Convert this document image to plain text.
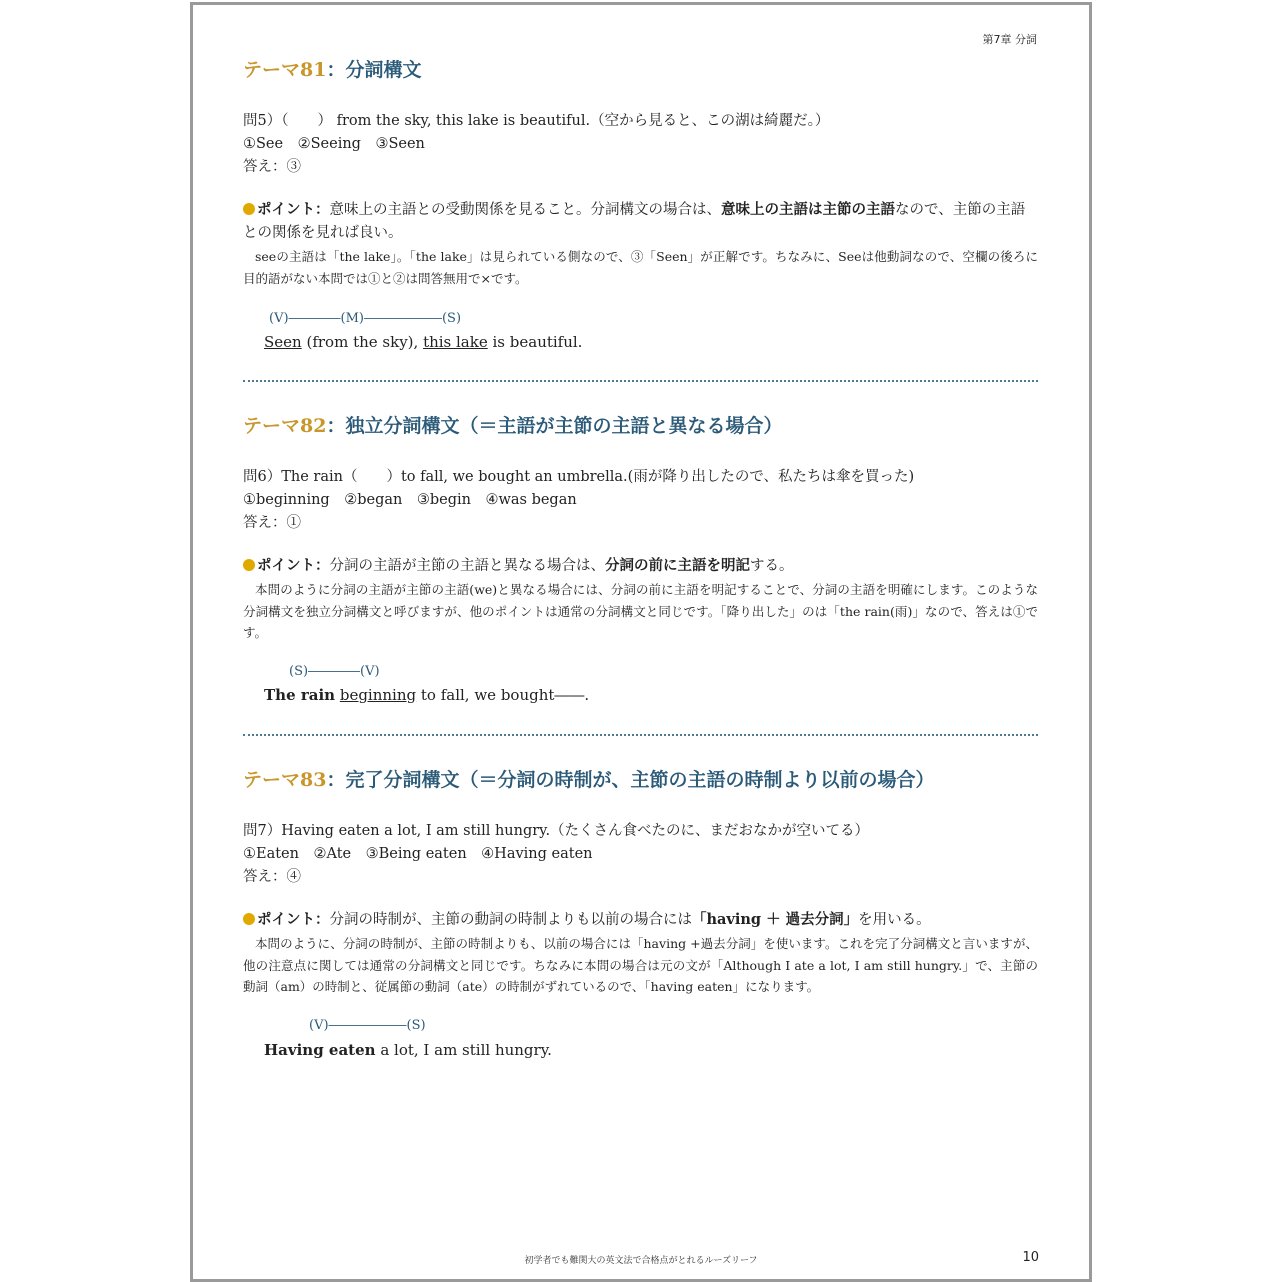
第7章 分詞
テーマ81：分詞構文
問5）（　　） from the sky, this lake is beautiful.（空から見ると、この湖は綺麗だ。）
①See　②Seeing　③Seen
答え：③
ポイント：意味上の主語との受動関係を見ること。分詞構文の場合は、意味上の主語は主節の主語なので、主節の主語との関係を見れば良い。
seeの主語は「the lake」。「the lake」は見られている側なので、③「Seen」が正解です。ちなみに、Seeは他動詞なので、空欄の後ろに目的語がない本問では①と②は問答無用で×です。
(V)――――(M)――――――(S)
Seen (from the sky), this lake is beautiful.
テーマ82：独立分詞構文（＝主語が主節の主語と異なる場合）
問6）The rain（　　）to fall, we bought an umbrella.(雨が降り出したので、私たちは傘を買った)
①beginning　②began　③begin　④was began
答え：①
ポイント：分詞の主語が主節の主語と異なる場合は、分詞の前に主語を明記する。
本問のように分詞の主語が主節の主語(we)と異なる場合には、分詞の前に主語を明記することで、分詞の主語を明確にします。このような分詞構文を独立分詞構文と呼びますが、他のポイントは通常の分詞構文と同じです。「降り出した」のは「the rain(雨)」なので、答えは①です。
(S)――――(V)
The rain beginning to fall, we bought――.
テーマ83：完了分詞構文（＝分詞の時制が、主節の主語の時制より以前の場合）
問7）Having eaten a lot, I am still hungry.（たくさん食べたのに、まだおなかが空いてる）
①Eaten　②Ate　③Being eaten　④Having eaten
答え：④
ポイント：分詞の時制が、主節の動詞の時制よりも以前の場合には「having ＋ 過去分詞」を用いる。
本問のように、分詞の時制が、主節の時制よりも、以前の場合には「having +過去分詞」を使います。これを完了分詞構文と言いますが、他の注意点に関しては通常の分詞構文と同じです。ちなみに本問の場合は元の文が「Although I ate a lot, I am still hungry.」で、主節の動詞（am）の時制と、従属節の動詞（ate）の時制がずれているので、「having eaten」になります。
(V)――――――(S)
Having eaten a lot, I am still hungry.
初学者でも難関大の英文法で合格点がとれるルーズリーフ	10
